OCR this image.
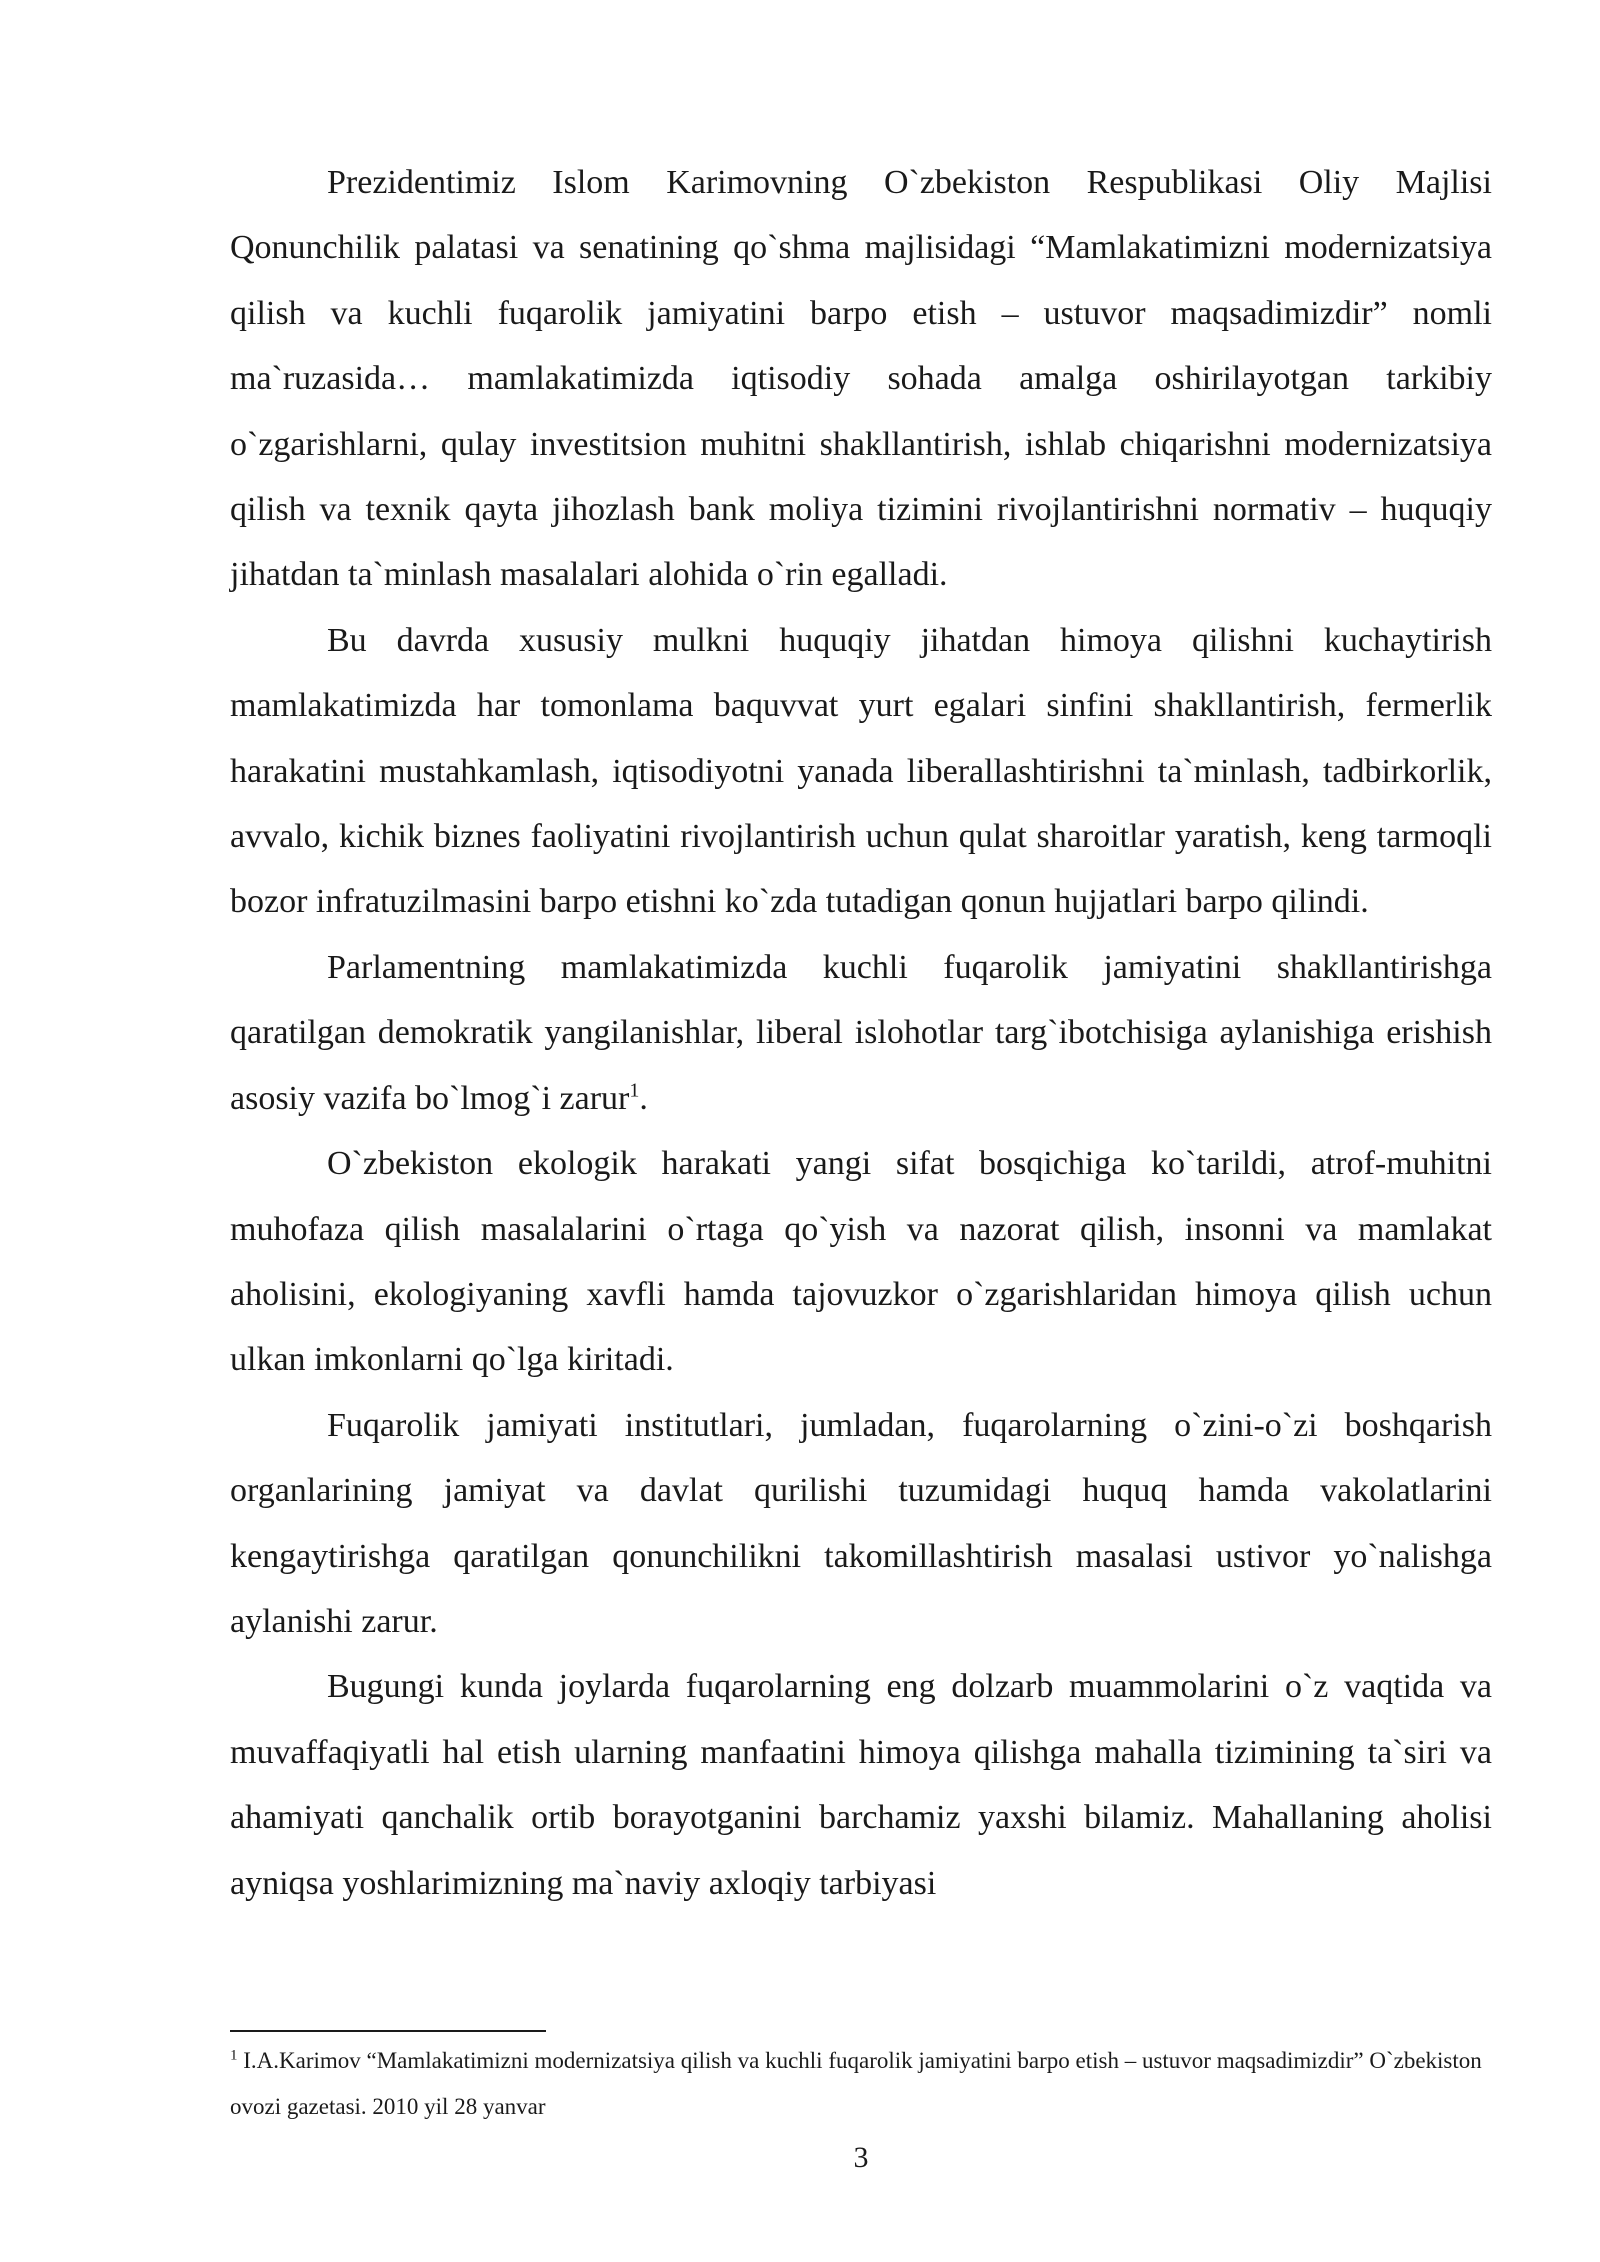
Prezidentimiz Islom Karimovning O`zbekiston Respublikasi Oliy Majlisi Qonunchilik palatasi va senatining qo`shma majlisidagi “Mamlakatimizni modernizatsiya qilish va kuchli fuqarolik jamiyatini barpo etish – ustuvor maqsadimizdir” nomli ma`ruzasida… mamlakatimizda iqtisodiy sohada amalga oshirilayotgan tarkibiy o`zgarishlarni, qulay investitsion muhitni shakllantirish, ishlab chiqarishni modernizatsiya qilish va texnik qayta jihozlash bank moliya tizimini rivojlantirishni normativ – huquqiy jihatdan ta`minlash masalalari alohida o`rin egalladi.

Bu davrda xususiy mulkni huquqiy jihatdan himoya qilishni kuchaytirish mamlakatimizda har tomonlama baquvvat yurt egalari sinfini shakllantirish, fermerlik harakatini mustahkamlash, iqtisodiyotni yanada liberallashtirishni ta`minlash, tadbirkorlik, avvalo, kichik biznes faoliyatini rivojlantirish uchun qulat sharoitlar yaratish, keng tarmoqli bozor infratuzilmasini barpo etishni ko`zda tutadigan qonun hujjatlari barpo qilindi.

Parlamentning mamlakatimizda kuchli fuqarolik jamiyatini shakllantirishga qaratilgan demokratik yangilanishlar, liberal islohotlar targ`ibotchisiga aylanishiga erishish asosiy vazifa bo`lmog`i zarur$^1$.

O`zbekiston ekologik harakati yangi sifat bosqichiga ko`tarildi, atrof-muhitni muhofaza qilish masalalarini o`rtaga qo`yish va nazorat qilish, insonni va mamlakat aholisini, ekologiyaning xavfli hamda tajovuzkor o`zgarishlaridan himoya qilish uchun ulkan imkonlarni qo`lga kiritadi.

Fuqarolik jamiyati institutlari, jumladan, fuqarolarning o`zini-o`zi boshqarish organlarining jamiyat va davlat qurilishi tuzumidagi huquq hamda vakolatlarini kengaytirishga qaratilgan qonunchilikni takomillashtirish masalasi ustivor yo`nalishga aylanishi zarur.

Bugungi kunda joylarda fuqarolarning eng dolzarb muammolarini o`z vaqtida va muvaffaqiyatli hal etish ularning manfaatini himoya qilishga mahalla tizimining ta`siri va ahamiyati qanchalik ortib borayotganini barchamiz yaxshi bilamiz. Mahallaning aholisi ayniqsa yoshlarimizning ma`naviy axloqiy tarbiyasi

$^1$ I.A.Karimov “Mamlakatimizni modernizatsiya qilish va kuchli fuqarolik jamiyatini barpo etish – ustuvor maqsadimizdir” O`zbekiston ovozi gazetasi. 2010 yil 28 yanvar

3
